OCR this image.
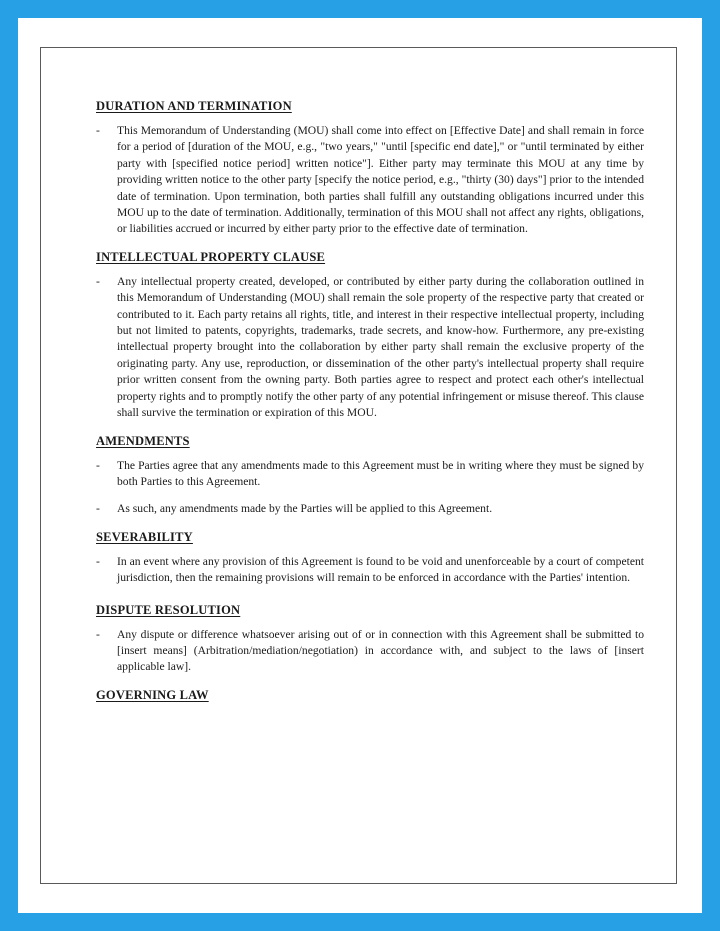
DURATION AND TERMINATION
- This Memorandum of Understanding (MOU) shall come into effect on [Effective Date] and shall remain in force for a period of [duration of the MOU, e.g., "two years," "until [specific end date]," or "until terminated by either party with [specified notice period] written notice"]. Either party may terminate this MOU at any time by providing written notice to the other party [specify the notice period, e.g., "thirty (30) days"] prior to the intended date of termination. Upon termination, both parties shall fulfill any outstanding obligations incurred under this MOU up to the date of termination. Additionally, termination of this MOU shall not affect any rights, obligations, or liabilities accrued or incurred by either party prior to the effective date of termination.
INTELLECTUAL PROPERTY CLAUSE
- Any intellectual property created, developed, or contributed by either party during the collaboration outlined in this Memorandum of Understanding (MOU) shall remain the sole property of the respective party that created or contributed to it. Each party retains all rights, title, and interest in their respective intellectual property, including but not limited to patents, copyrights, trademarks, trade secrets, and know-how. Furthermore, any pre-existing intellectual property brought into the collaboration by either party shall remain the exclusive property of the originating party. Any use, reproduction, or dissemination of the other party's intellectual property shall require prior written consent from the owning party. Both parties agree to respect and protect each other's intellectual property rights and to promptly notify the other party of any potential infringement or misuse thereof. This clause shall survive the termination or expiration of this MOU.
AMENDMENTS
- The Parties agree that any amendments made to this Agreement must be in writing where they must be signed by both Parties to this Agreement.
- As such, any amendments made by the Parties will be applied to this Agreement.
SEVERABILITY
- In an event where any provision of this Agreement is found to be void and unenforceable by a court of competent jurisdiction, then the remaining provisions will remain to be enforced in accordance with the Parties' intention.
DISPUTE RESOLUTION
- Any dispute or difference whatsoever arising out of or in connection with this Agreement shall be submitted to [insert means] (Arbitration/mediation/negotiation) in accordance with, and subject to the laws of [insert applicable law].
GOVERNING LAW
